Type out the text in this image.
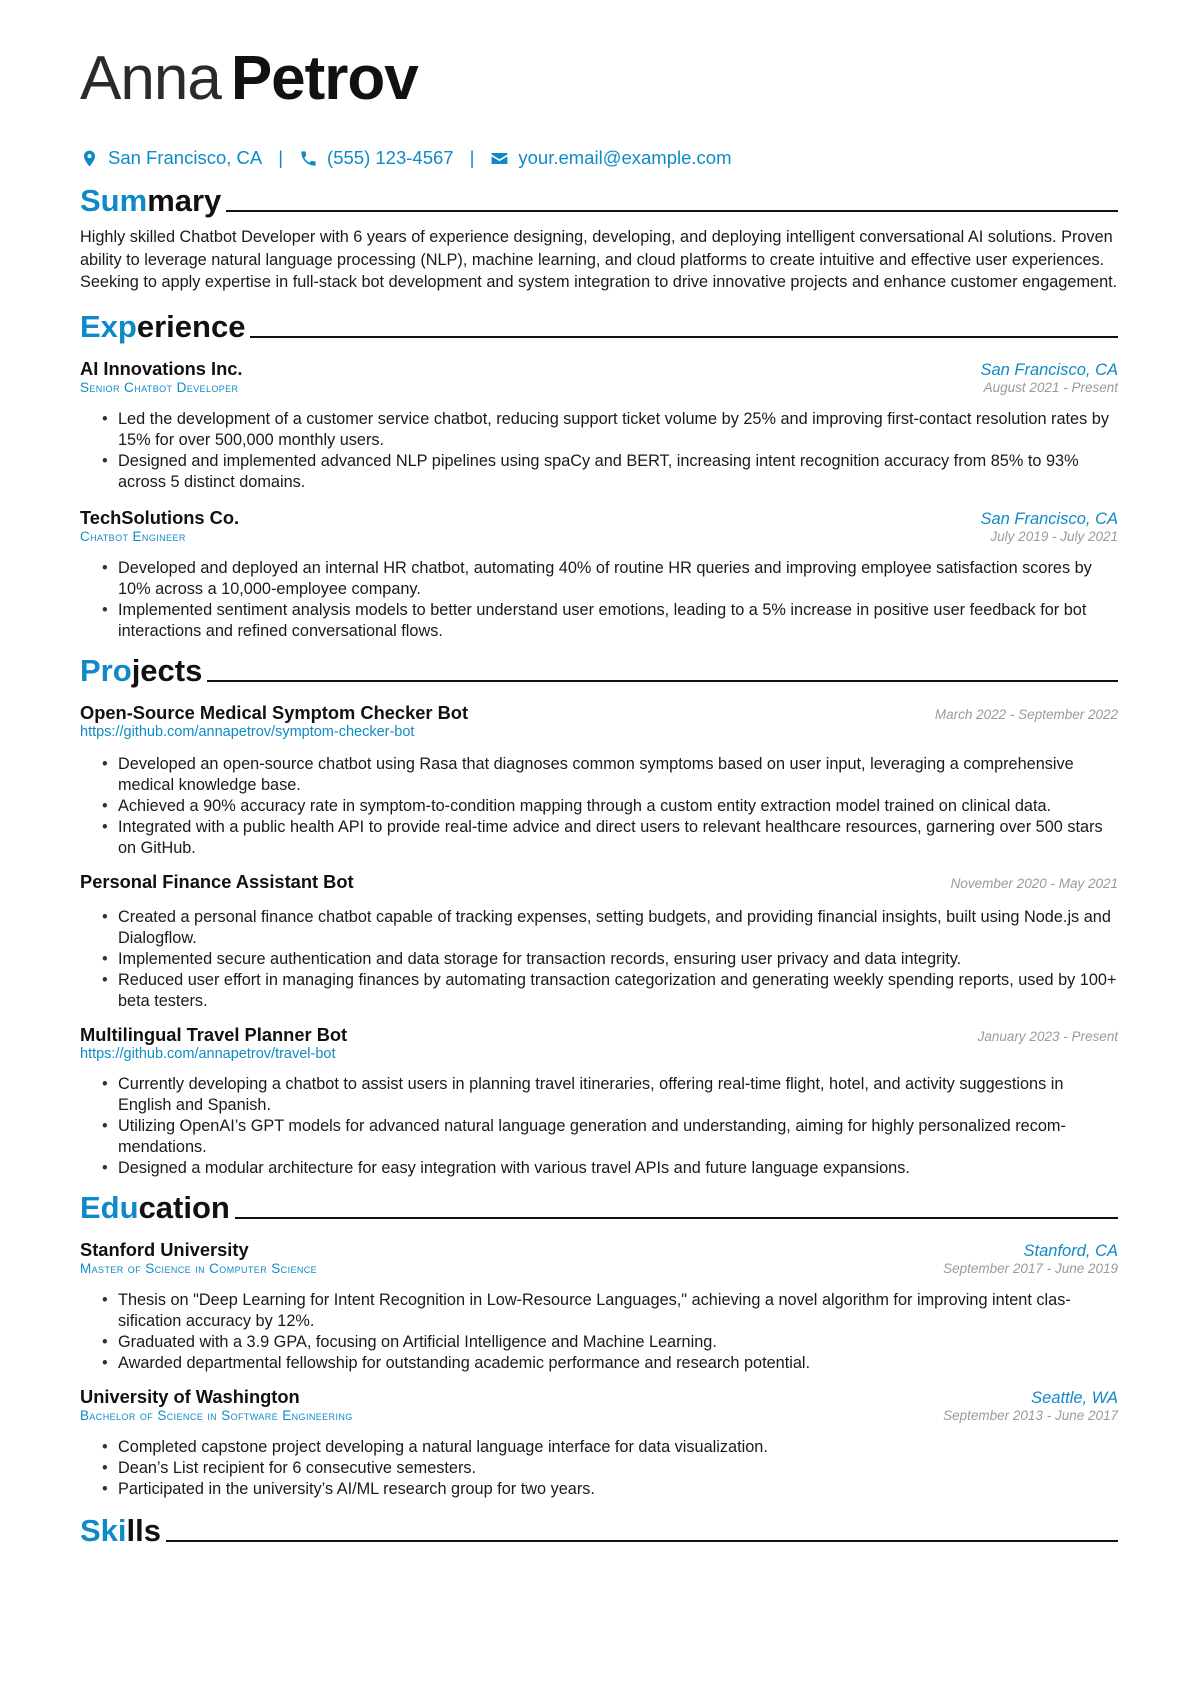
Anna Petrov
San Francisco, CA | (555) 123-4567 | your.email@example.com
Summary
Highly skilled Chatbot Developer with 6 years of experience designing, developing, and deploying intelligent conversational AI solutions. Proven ability to leverage natural language processing (NLP), machine learning, and cloud platforms to create intuitive and effective user experiences. Seeking to apply expertise in full-stack bot development and system integration to drive innovative projects and enhance customer engagement.
Experience
AI Innovations Inc.	San Francisco, CA
Senior Chatbot Developer	August 2021 - Present
• Led the development of a customer service chatbot, reducing support ticket volume by 25% and improving first-contact resolution rates by 15% for over 500,000 monthly users.
• Designed and implemented advanced NLP pipelines using spaCy and BERT, increasing intent recognition accuracy from 85% to 93% across 5 distinct domains.
TechSolutions Co.	San Francisco, CA
Chatbot Engineer	July 2019 - July 2021
• Developed and deployed an internal HR chatbot, automating 40% of routine HR queries and improving employee satisfaction scores by 10% across a 10,000-employee company.
• Implemented sentiment analysis models to better understand user emotions, leading to a 5% increase in positive user feedback for bot interactions and refined conversational flows.
Projects
Open-Source Medical Symptom Checker Bot	March 2022 - September 2022
https://github.com/annapetrov/symptom-checker-bot
• Developed an open-source chatbot using Rasa that diagnoses common symptoms based on user input, leveraging a comprehensive medical knowledge base.
• Achieved a 90% accuracy rate in symptom-to-condition mapping through a custom entity extraction model trained on clinical data.
• Integrated with a public health API to provide real-time advice and direct users to relevant healthcare resources, garnering over 500 stars on GitHub.
Personal Finance Assistant Bot	November 2020 - May 2021
• Created a personal finance chatbot capable of tracking expenses, setting budgets, and providing financial insights, built using Node.js and Dialogflow.
• Implemented secure authentication and data storage for transaction records, ensuring user privacy and data integrity.
• Reduced user effort in managing finances by automating transaction categorization and generating weekly spending reports, used by 100+ beta testers.
Multilingual Travel Planner Bot	January 2023 - Present
https://github.com/annapetrov/travel-bot
• Currently developing a chatbot to assist users in planning travel itineraries, offering real-time flight, hotel, and activity suggestions in English and Spanish.
• Utilizing OpenAI’s GPT models for advanced natural language generation and understanding, aiming for highly personalized recom-mendations.
• Designed a modular architecture for easy integration with various travel APIs and future language expansions.
Education
Stanford University	Stanford, CA
Master of Science in Computer Science	September 2017 - June 2019
• Thesis on "Deep Learning for Intent Recognition in Low-Resource Languages," achieving a novel algorithm for improving intent clas-sification accuracy by 12%.
• Graduated with a 3.9 GPA, focusing on Artificial Intelligence and Machine Learning.
• Awarded departmental fellowship for outstanding academic performance and research potential.
University of Washington	Seattle, WA
Bachelor of Science in Software Engineering	September 2013 - June 2017
• Completed capstone project developing a natural language interface for data visualization.
• Dean’s List recipient for 6 consecutive semesters.
• Participated in the university’s AI/ML research group for two years.
Skills
